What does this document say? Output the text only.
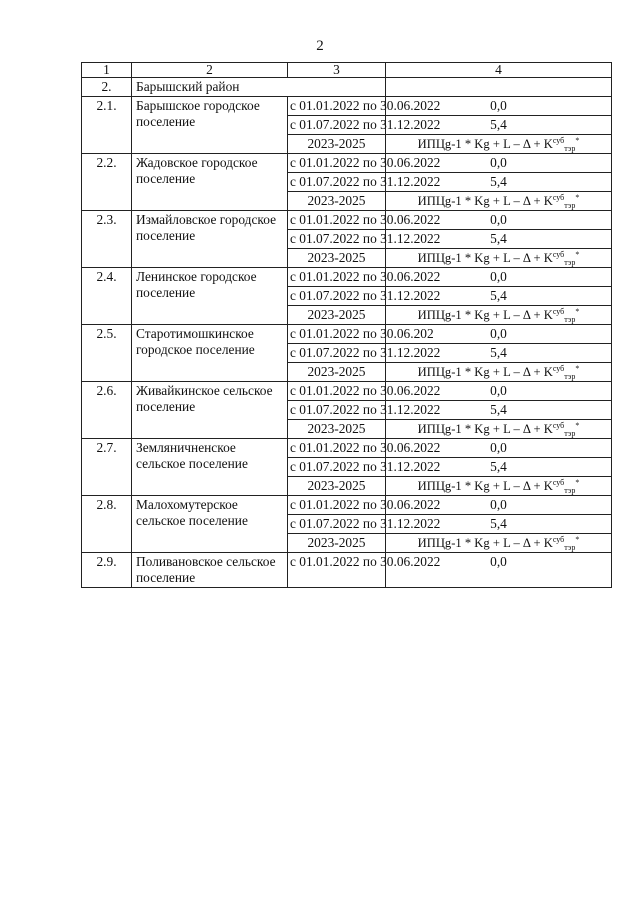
2
1	2	3	4
2.	Барышский район		
2.1.	Барышское городское поселение	с 01.01.2022 по 30.06.2022	0,0
		с 01.07.2022 по 31.12.2022	5,4
		2023-2025	ИПЦg-1 * $Kg + L - \Delta + K^{суб}_{тэр}^*$
2.2.	Жадовское городское поселение	с 01.01.2022 по 30.06.2022	0,0
		с 01.07.2022 по 31.12.2022	5,4
		2023-2025	ИПЦg-1 * $Kg + L - \Delta + K^{суб}_{тэр}^*$
2.3.	Измайловское городское поселение	с 01.01.2022 по 30.06.2022	0,0
		с 01.07.2022 по 31.12.2022	5,4
		2023-2025	ИПЦg-1 * $Kg + L - \Delta + K^{суб}_{тэр}^*$
2.4.	Ленинское городское поселение	с 01.01.2022 по 30.06.2022	0,0
		с 01.07.2022 по 31.12.2022	5,4
		2023-2025	ИПЦg-1 * $Kg + L - \Delta + K^{суб}_{тэр}^*$
2.5.	Старотимошкинское городское поселение	с 01.01.2022 по 30.06.202	0,0
		с 01.07.2022 по 31.12.2022	5,4
		2023-2025	ИПЦg-1 * $Kg + L - \Delta + K^{суб}_{тэр}^*$
2.6.	Живайкинское сельское поселение	с 01.01.2022 по 30.06.2022	0,0
		с 01.07.2022 по 31.12.2022	5,4
		2023-2025	ИПЦg-1 * $Kg + L - \Delta + K^{суб}_{тэр}^*$
2.7.	Земляничненское сельское поселение	с 01.01.2022 по 30.06.2022	0,0
		с 01.07.2022 по 31.12.2022	5,4
		2023-2025	ИПЦg-1 * $Kg + L - \Delta + K^{суб}_{тэр}^*$
2.8.	Малохомутерское сельское поселение	с 01.01.2022 по 30.06.2022	0,0
		с 01.07.2022 по 31.12.2022	5,4
		2023-2025	ИПЦg-1 * $Kg + L - \Delta + K^{суб}_{тэр}^*$
2.9.	Поливановское сельское поселение	с 01.01.2022 по 30.06.2022	0,0
